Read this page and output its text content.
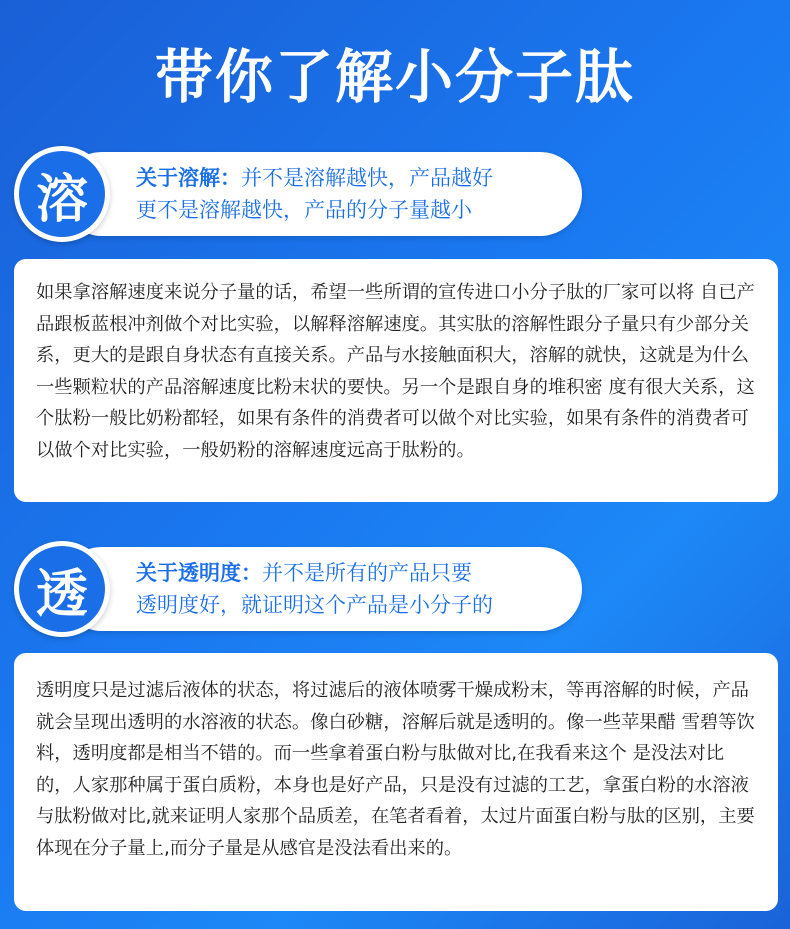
带你了解小分子肽
溶	关于溶解：并不是溶解越快，产品越好
更不是溶解越快，产品的分子量越小
如果拿溶解速度来说分子量的话，希望一些所谓的宣传进口小分子肽的厂家可以将 自已产品跟板蓝根冲剂做个对比实验，以解释溶解速度。其实肽的溶解性跟分子量只有少部分关系，更大的是跟自身状态有直接关系。产品与水接触面积大，溶解的就快，这就是为什么一些颗粒状的产品溶解速度比粉末状的要快。另一个是跟自身的堆积密 度有很大关系，这个肽粉一般比奶粉都轻，如果有条件的消费者可以做个对比实验，如果有条件的消费者可以做个对比实验，一般奶粉的溶解速度远高于肽粉的。
透	关于透明度：并不是所有的产品只要
透明度好，就证明这个产品是小分子的
透明度只是过滤后液体的状态，将过滤后的液体喷雾干燥成粉末，等再溶解的时候，产品就会呈现出透明的水溶液的状态。像白砂糖，溶解后就是透明的。像一些苹果醋 雪碧等饮料，透明度都是相当不错的。而一些拿着蛋白粉与肽做对比,在我看来这个 是没法对比的，人家那种属于蛋白质粉，本身也是好产品，只是没有过滤的工艺，拿蛋白粉的水溶液与肽粉做对比,就来证明人家那个品质差，在笔者看着，太过片面蛋白粉与肽的区别，主要体现在分子量上,而分子量是从感官是没法看出来的。
